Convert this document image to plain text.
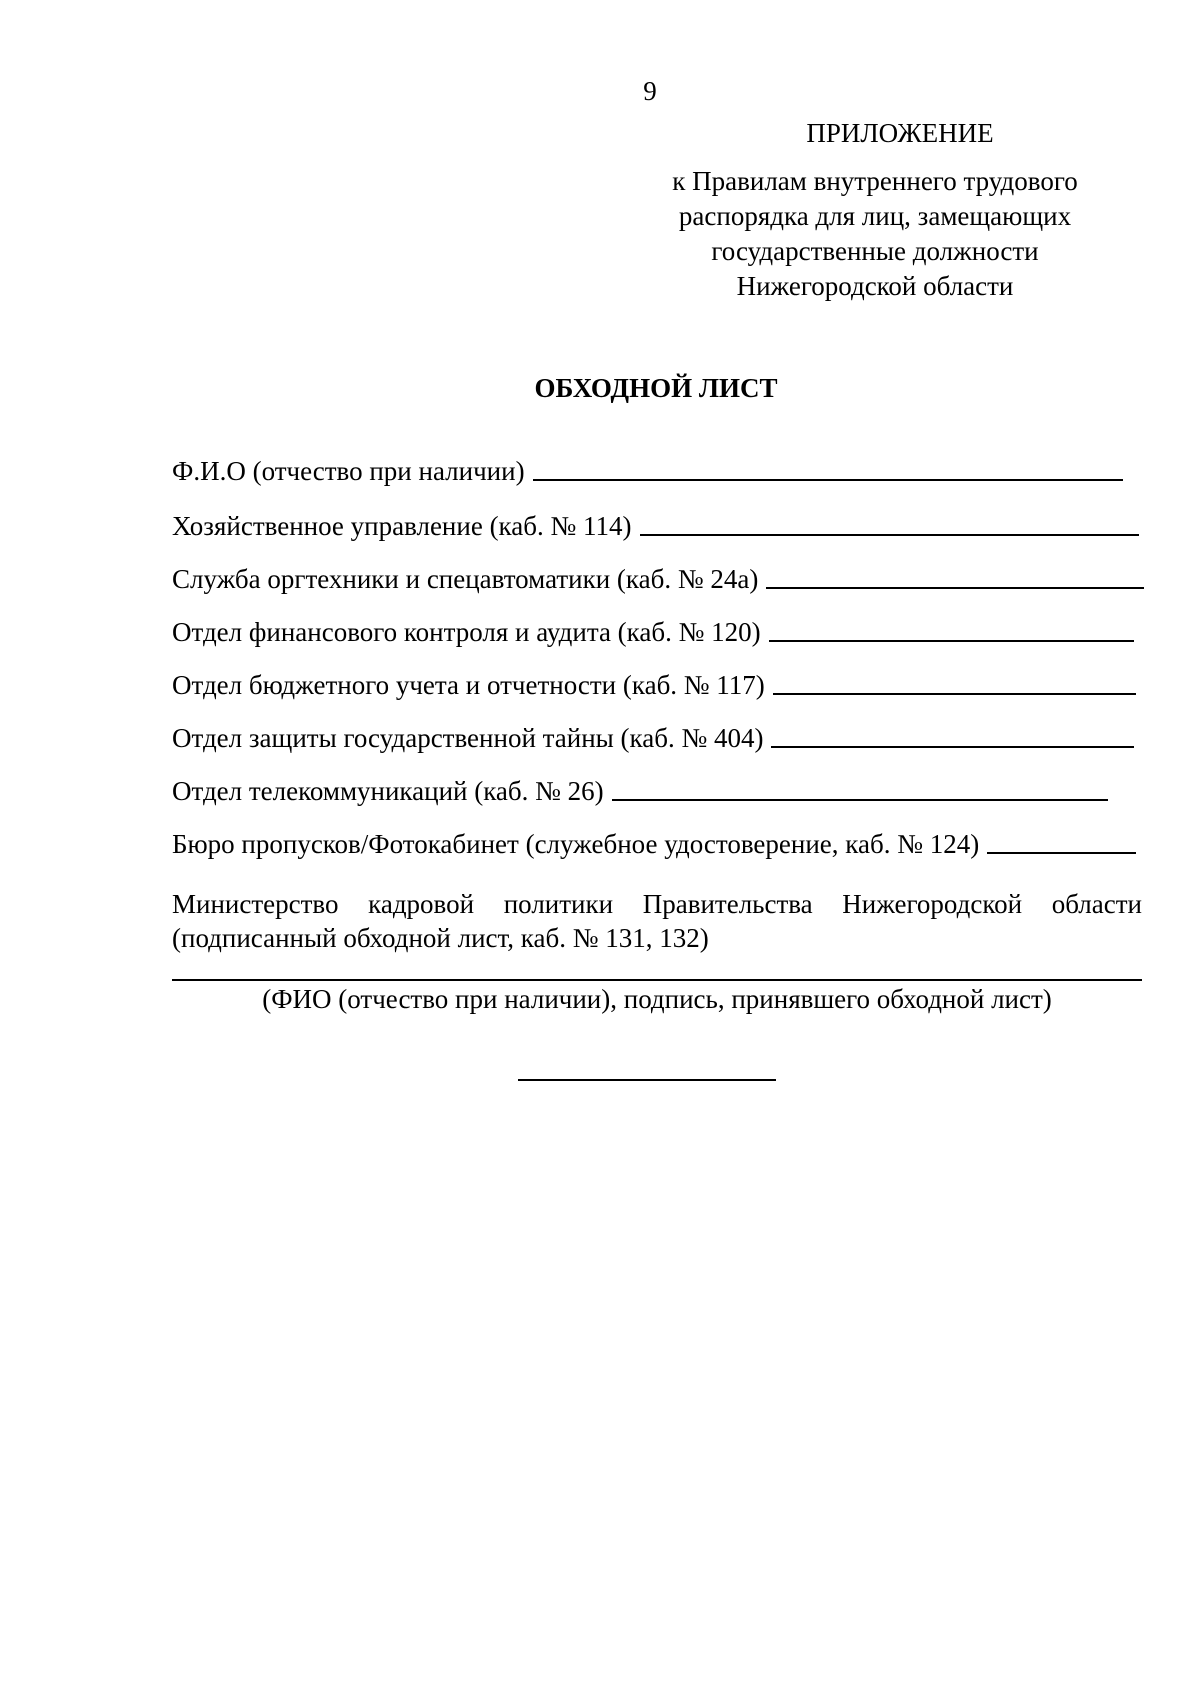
9
ПРИЛОЖЕНИЕ
к Правилам внутреннего трудового
распорядка для лиц, замещающих
государственные должности
Нижегородской области
ОБХОДНОЙ ЛИСТ
Ф.И.О (отчество при наличии)
Хозяйственное управление (каб. № 114)
Служба оргтехники и спецавтоматики (каб. № 24а)
Отдел финансового контроля и аудита (каб. № 120)
Отдел бюджетного учета и отчетности (каб. № 117)
Отдел защиты государственной тайны (каб. № 404)
Отдел телекоммуникаций (каб. № 26)
Бюро пропусков/Фотокабинет (служебное удостоверение, каб. № 124)
Министерство кадровой политики Правительства Нижегородской области
(подписанный обходной лист, каб. № 131, 132)
(ФИО (отчество при наличии), подпись, принявшего обходной лист)
